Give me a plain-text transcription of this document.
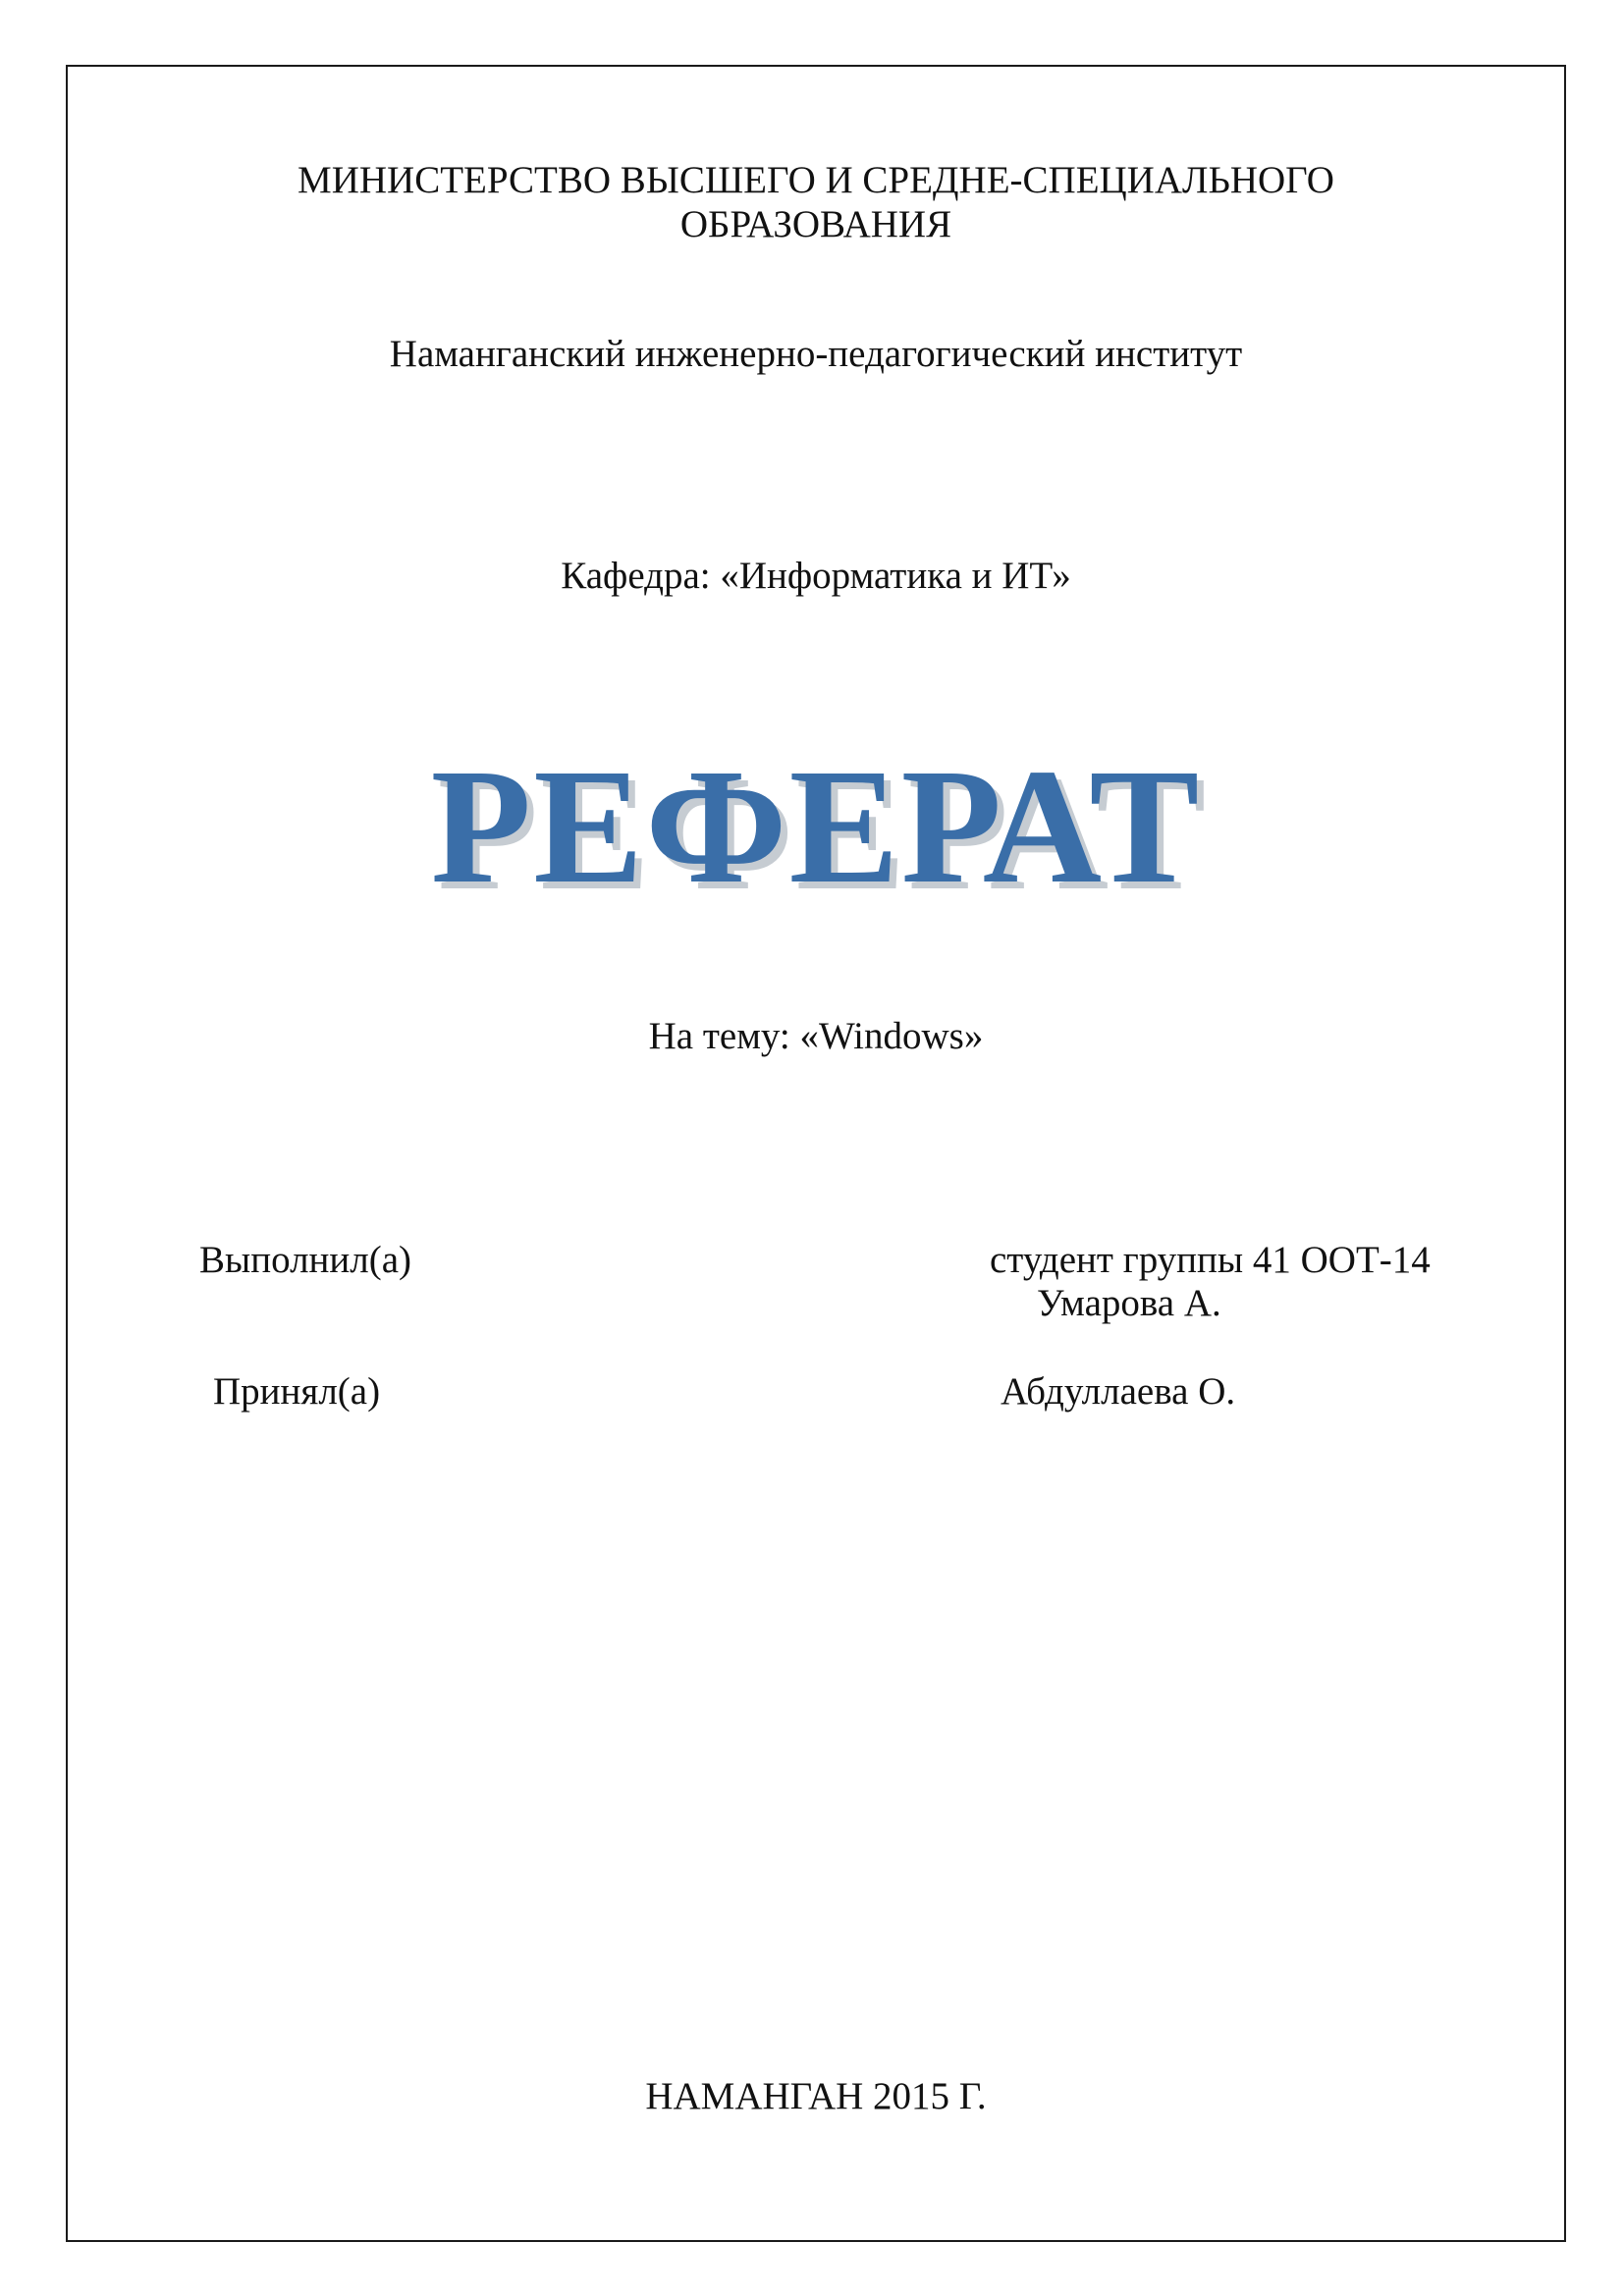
МИНИСТЕРСТВО ВЫСШЕГО И СРЕДНЕ-СПЕЦИАЛЬНОГО
ОБРАЗОВАНИЯ
Наманганский инженерно-педагогический институт
Кафедра: «Информатика и ИТ»
РЕФЕРАТ
На тему: «Windows»
Выполнил(а)	студент группы 41 ООТ-14
Умарова А.
Принял(а)	Абдуллаева О.
НАМАНГАН 2015 Г.
